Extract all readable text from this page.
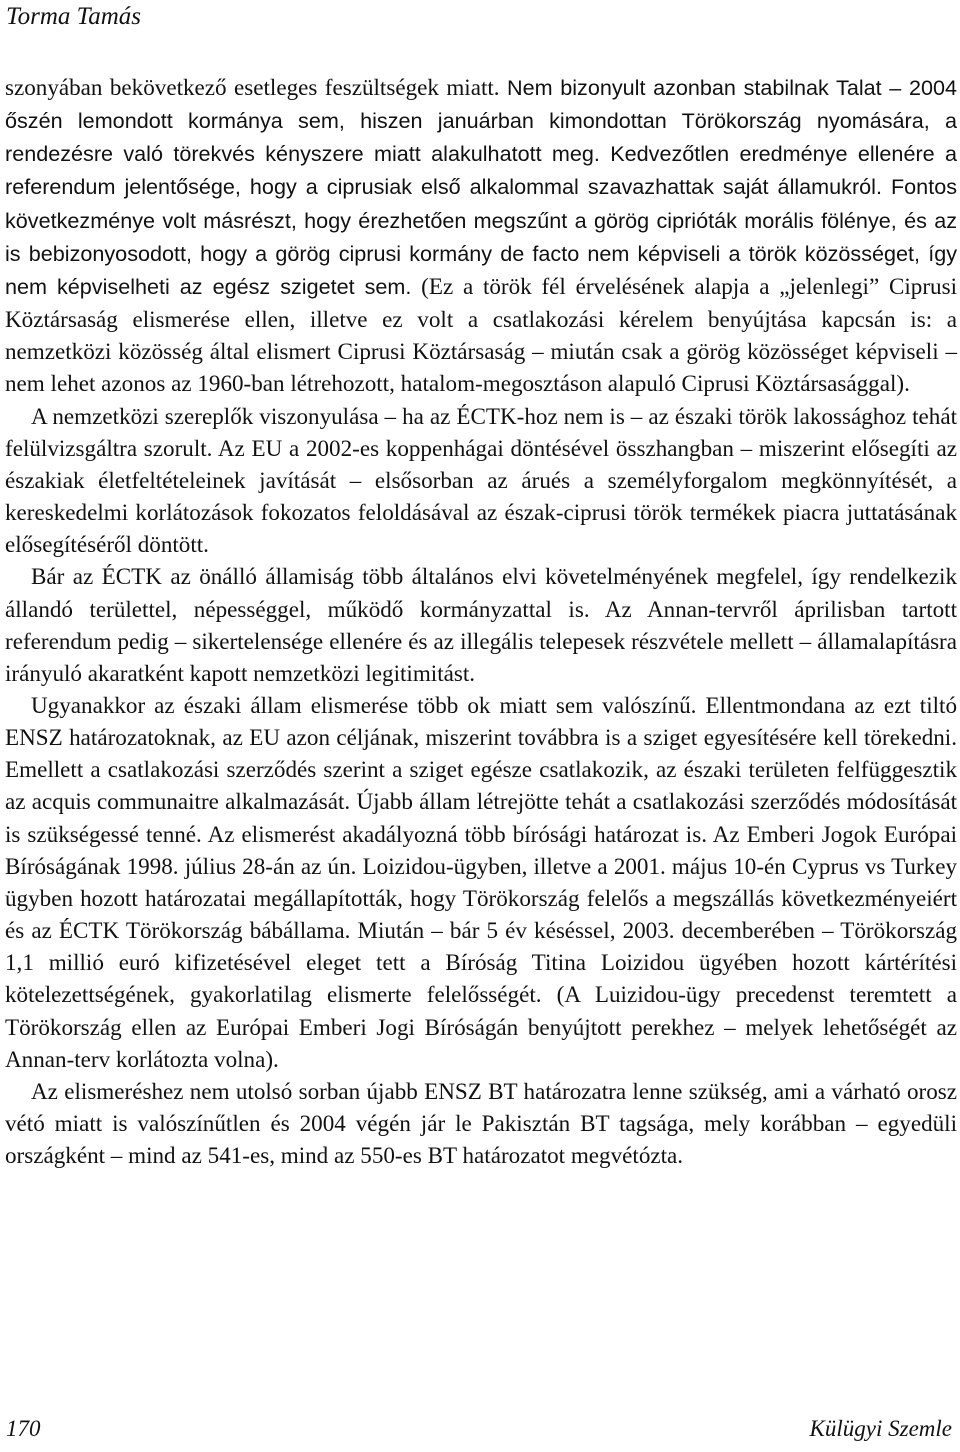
Torma Tamás

szonyában bekövetkező esetleges feszültségek miatt. Nem bizonyult azonban stabilnak Talat – 2004 őszén lemondott kormánya sem, hiszen januárban kimondottan Törökország nyomására, a rendezésre való törekvés kényszere miatt alakulhatott meg. Kedvezőtlen eredménye ellenére a referendum jelentősége, hogy a ciprusiak első alkalommal szavazhattak saját államukról. Fontos következménye volt másrészt, hogy érezhetően megszűnt a görög ciprióták morális fölénye, és az is bebizonyosodott, hogy a görög ciprusi kormány de facto nem képviseli a török közösséget, így nem képviselheti az egész szigetet sem. (Ez a török fél érvelésének alapja a „jelenlegi” Ciprusi Köztársaság elismerése ellen, illetve ez volt a csatlakozási kérelem benyújtása kapcsán is: a nemzetközi közösség által elismert Ciprusi Köztársaság – miután csak a görög közösséget képviseli – nem lehet azonos az 1960-ban létrehozott, hatalom-megosztáson alapuló Ciprusi Köztársasággal).

A nemzetközi szereplők viszonyulása – ha az ÉCTK-hoz nem is – az északi török lakossághoz tehát felülvizsgáltra szorult. Az EU a 2002-es koppenhágai döntésével összhangban – miszerint elősegíti az északiak életfeltételeinek javítását – elsősorban az árués a személyforgalom megkönnyítését, a kereskedelmi korlátozások fokozatos feloldásával az észak-ciprusi török termékek piacra juttatásának elősegítéséről döntött.

Bár az ÉCTK az önálló államiság több általános elvi követelményének megfelel, így rendelkezik állandó területtel, népességgel, működő kormányzattal is. Az Annan-tervről áprilisban tartott referendum pedig – sikertelensége ellenére és az illegális telepesek részvétele mellett – államalapításra irányuló akaratként kapott nemzetközi legitimitást.

Ugyanakkor az északi állam elismerése több ok miatt sem valószínű. Ellentmondana az ezt tiltó ENSZ határozatoknak, az EU azon céljának, miszerint továbbra is a sziget egyesítésére kell törekedni. Emellett a csatlakozási szerződés szerint a sziget egésze csatlakozik, az északi területen felfüggesztik az acquis communaitre alkalmazását. Újabb állam létrejötte tehát a csatlakozási szerződés módosítását is szükségessé tenné. Az elismerést akadályozná több bírósági határozat is. Az Emberi Jogok Európai Bíróságának 1998. július 28-án az ún. Loizidou-ügyben, illetve a 2001. május 10-én Cyprus vs Turkey ügyben hozott határozatai megállapították, hogy Törökország felelős a megszállás következményeiért és az ÉCTK Törökország bábállama. Miután – bár 5 év késéssel, 2003. decemberében – Törökország 1,1 millió euró kifizetésével eleget tett a Bíróság Titina Loizidou ügyében hozott kártérítési kötelezettségének, gyakorlatilag elismerte felelősségét. (A Luizidou-ügy precedenst teremtett a Törökország ellen az Európai Emberi Jogi Bíróságán benyújtott perekhez – melyek lehetőségét az Annan-terv korlátozta volna).

Az elismeréshez nem utolsó sorban újabb ENSZ BT határozatra lenne szükség, ami a várható orosz vétó miatt is valószínűtlen és 2004 végén jár le Pakisztán BT tagsága, mely korábban – egyedüli országként – mind az 541-es, mind az 550-es BT határozatot megvétózta.

170	Külügyi Szemle
